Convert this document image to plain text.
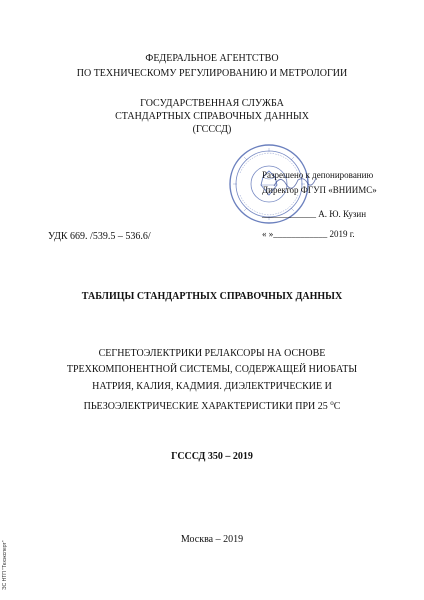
ФЕДЕРАЛЬНОЕ АГЕНТСТВО
ПО ТЕХНИЧЕСКОМУ РЕГУЛИРОВАНИЮ И МЕТРОЛОГИИ
ГОСУДАРСТВЕННАЯ СЛУЖБА
СТАНДАРТНЫХ СПРАВОЧНЫХ ДАННЫХ
(ГСССД)
Разрешено к депонированию
Директор ФГУП «ВНИИМС»
____________ А. Ю. Кузин
« »____________ 2019 г.
УДК 669. /539.5 – 536.6/
ТАБЛИЦЫ СТАНДАРТНЫХ СПРАВОЧНЫХ ДАННЫХ
СЕГНЕТОЭЛЕКТРИКИ РЕЛАКСОРЫ НА ОСНОВЕ
ТРЕХКОМПОНЕНТНОЙ СИСТЕМЫ, СОДЕРЖАЩЕЙ НИОБАТЫ
НАТРИЯ, КАЛИЯ, КАДМИЯ. ДИЭЛЕКТРИЧЕСКИЕ И
ПЬЕЗОЭЛЕКТРИЧЕСКИЕ ХАРАКТЕРИСТИКИ ПРИ 25 $^о$С
ГСССД 350 – 2019
Москва – 2019
ЭС НТП "Техэксперт"
